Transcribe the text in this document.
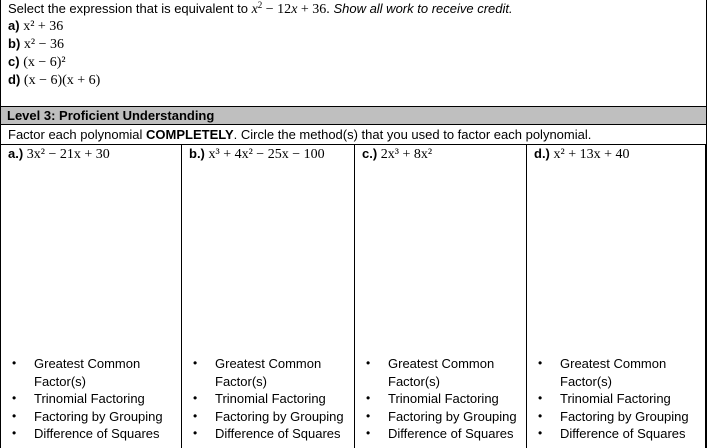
Select the expression that is equivalent to $x^2 - 12x + 36$. Show all work to receive credit.
a) x² + 36
b) x² − 36
c) (x − 6)²
d) (x − 6)(x + 6)
Level 3: Proficient Understanding
Factor each polynomial COMPLETELY. Circle the method(s) that you used to factor each polynomial.
a.) 3x² − 21x + 30
• Greatest Common
Factor(s)
• Trinomial Factoring
• Factoring by Grouping
• Difference of Squares
b.) x³ + 4x² − 25x − 100
• Greatest Common
Factor(s)
• Trinomial Factoring
• Factoring by Grouping
• Difference of Squares
c.) 2x³ + 8x²
• Greatest Common
Factor(s)
• Trinomial Factoring
• Factoring by Grouping
• Difference of Squares
d.) x² + 13x + 40
• Greatest Common
Factor(s)
• Trinomial Factoring
• Factoring by Grouping
• Difference of Squares
